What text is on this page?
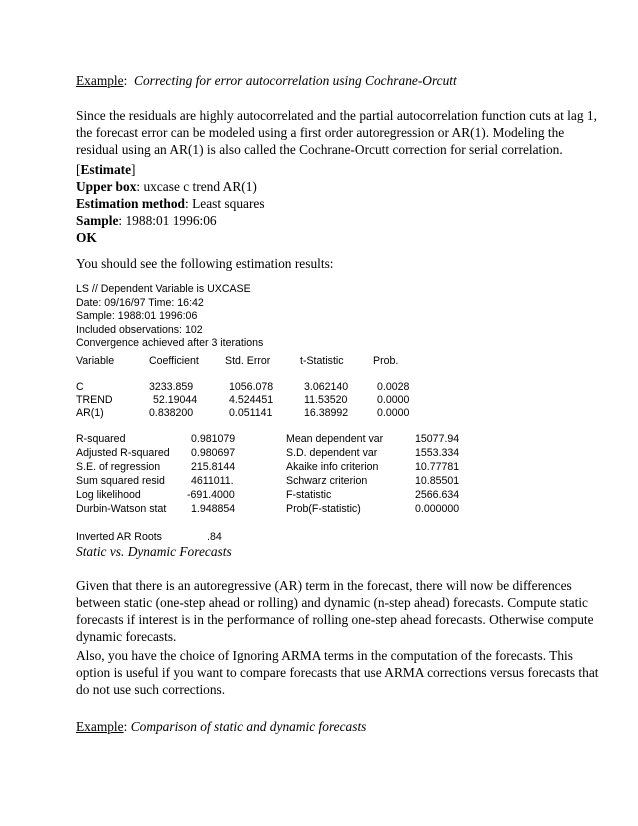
Example: Correcting for error autocorrelation using Cochrane-Orcutt
Since the residuals are highly autocorrelated and the partial autocorrelation function cuts at lag 1,
the forecast error can be modeled using a first order autoregression or AR(1). Modeling the
residual using an AR(1) is also called the Cochrane-Orcutt correction for serial correlation.
[Estimate]
Upper box: uxcase c trend AR(1)
Estimation method: Least squares
Sample: 1988:01 1996:06
OK
You should see the following estimation results:
LS // Dependent Variable is UXCASE
Date: 09/16/97 Time: 16:42
Sample: 1988:01 1996:06
Included observations: 102
Convergence achieved after 3 iterations
Variable	Coefficient Std. Error	t-Statistic	Prob.
C	3233.859	1056.078	3.062140	0.0028
TREND	52.19044	4.524451	11.53520	0.0000
AR(1)	0.838200	0.051141	16.38992	0.0000
R-squared	0.981079	Mean dependent var	15077.94
Adjusted R-squared 0.980697	S.D. dependent var	1553.334
S.E. of regression	215.8144	Akaike info criterion	10.77781
Sum squared resid 4611011.	Schwarz criterion	10.85501
Log likelihood	-691.4000	F-statistic	2566.634
Durbin-Watson stat 1.948854	Prob(F-statistic)	0.000000
Inverted AR Roots	.84
Static vs. Dynamic Forecasts
Given that there is an autoregressive (AR) term in the forecast, there will now be differences
between static (one-step ahead or rolling) and dynamic (n-step ahead) forecasts. Compute static
forecasts if interest is in the performance of rolling one-step ahead forecasts. Otherwise compute
dynamic forecasts.
Also, you have the choice of Ignoring ARMA terms in the computation of the forecasts. This
option is useful if you want to compare forecasts that use ARMA corrections versus forecasts that
do not use such corrections.
Example: Comparison of static and dynamic forecasts
